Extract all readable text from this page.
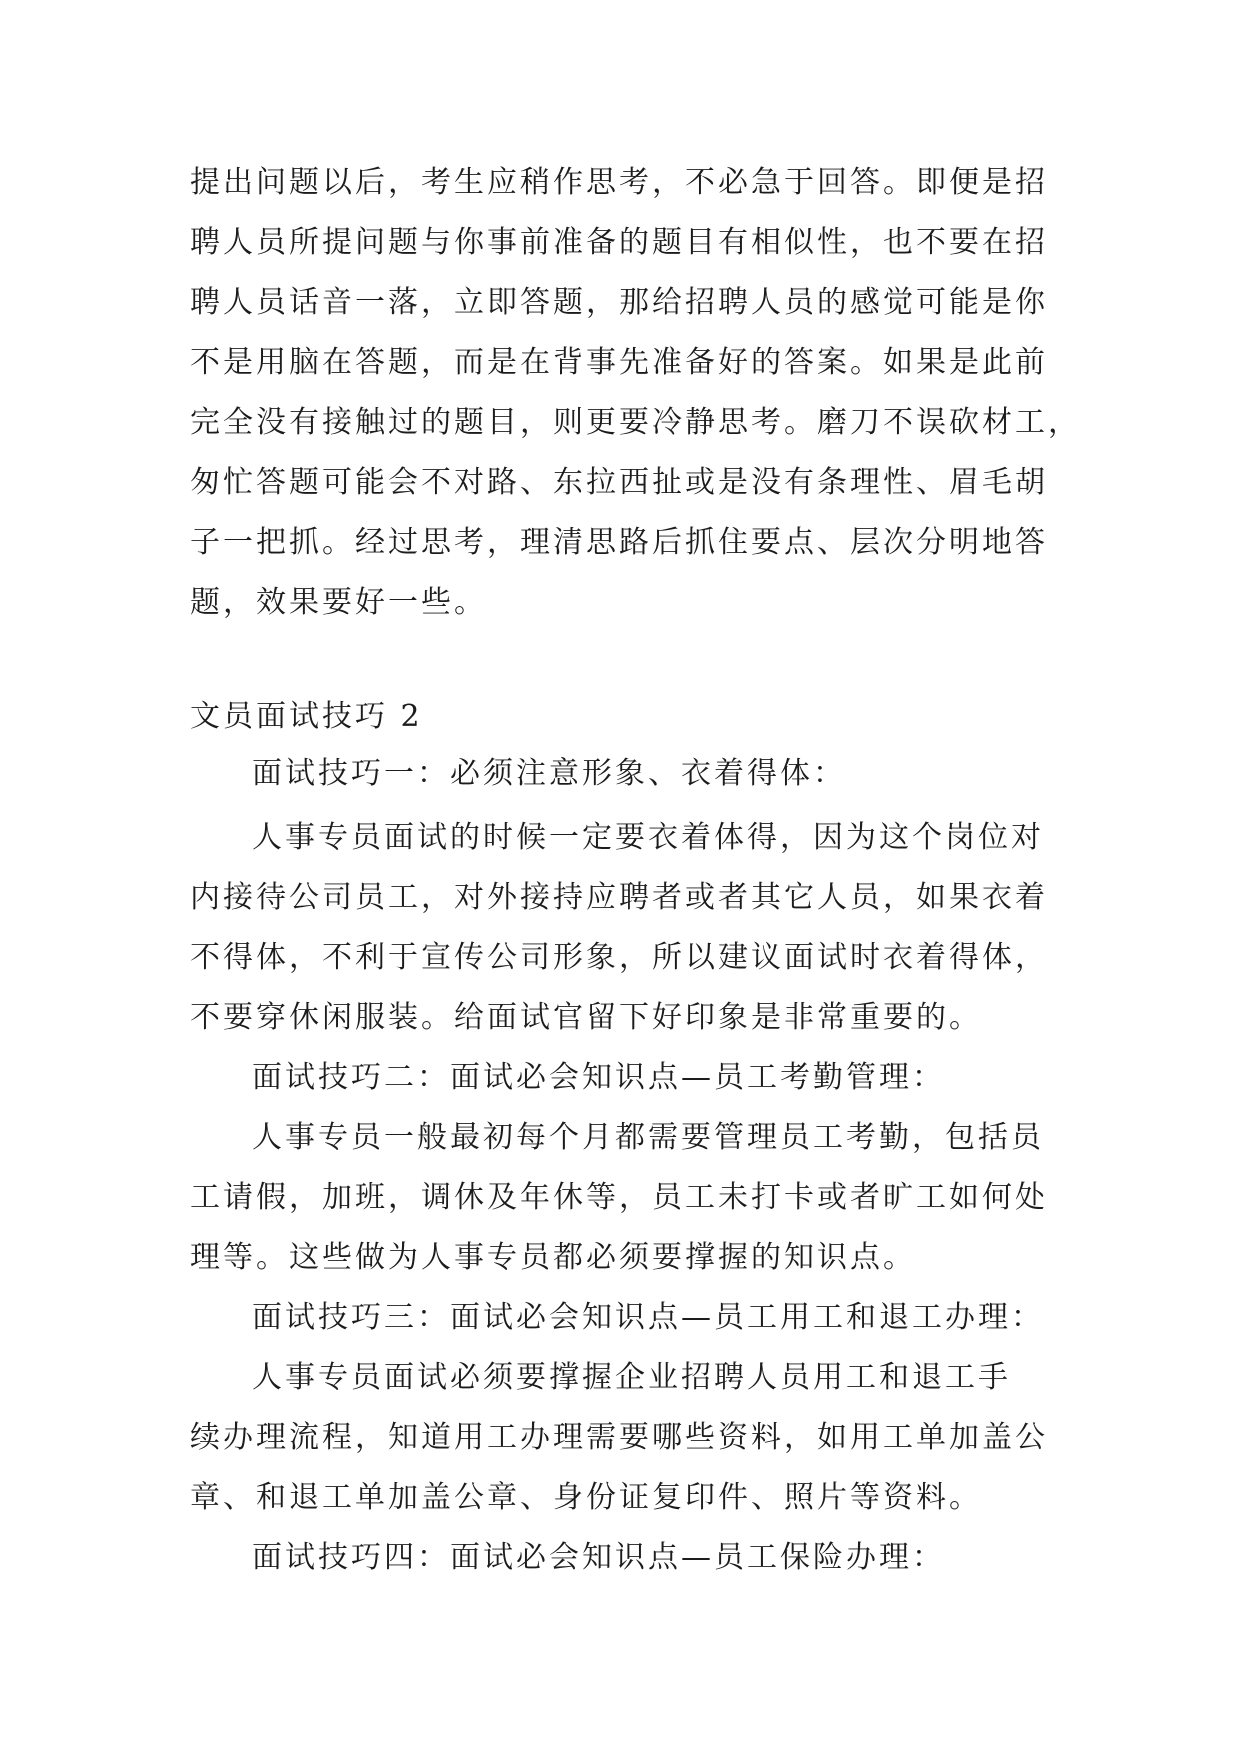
提出问题以后，考生应稍作思考，不必急于回答。即便是招
聘人员所提问题与你事前准备的题目有相似性，也不要在招
聘人员话音一落，立即答题，那给招聘人员的感觉可能是你
不是用脑在答题，而是在背事先准备好的答案。如果是此前
完全没有接触过的题目，则更要冷静思考。磨刀不误砍材工，
匆忙答题可能会不对路、东拉西扯或是没有条理性、眉毛胡
子一把抓。经过思考，理清思路后抓住要点、层次分明地答
题，效果要好一些。
文员面试技巧 2
面试技巧一：必须注意形象、衣着得体：
人事专员面试的时候一定要衣着体得，因为这个岗位对
内接待公司员工，对外接持应聘者或者其它人员，如果衣着
不得体，不利于宣传公司形象，所以建议面试时衣着得体，
不要穿休闲服装。给面试官留下好印象是非常重要的。
面试技巧二：面试必会知识点—员工考勤管理：
人事专员一般最初每个月都需要管理员工考勤，包括员
工请假，加班，调休及年休等，员工未打卡或者旷工如何处
理等。这些做为人事专员都必须要撑握的知识点。
面试技巧三：面试必会知识点—员工用工和退工办理：
人事专员面试必须要撑握企业招聘人员用工和退工手
续办理流程，知道用工办理需要哪些资料，如用工单加盖公
章、和退工单加盖公章、身份证复印件、照片等资料。
面试技巧四：面试必会知识点—员工保险办理：
